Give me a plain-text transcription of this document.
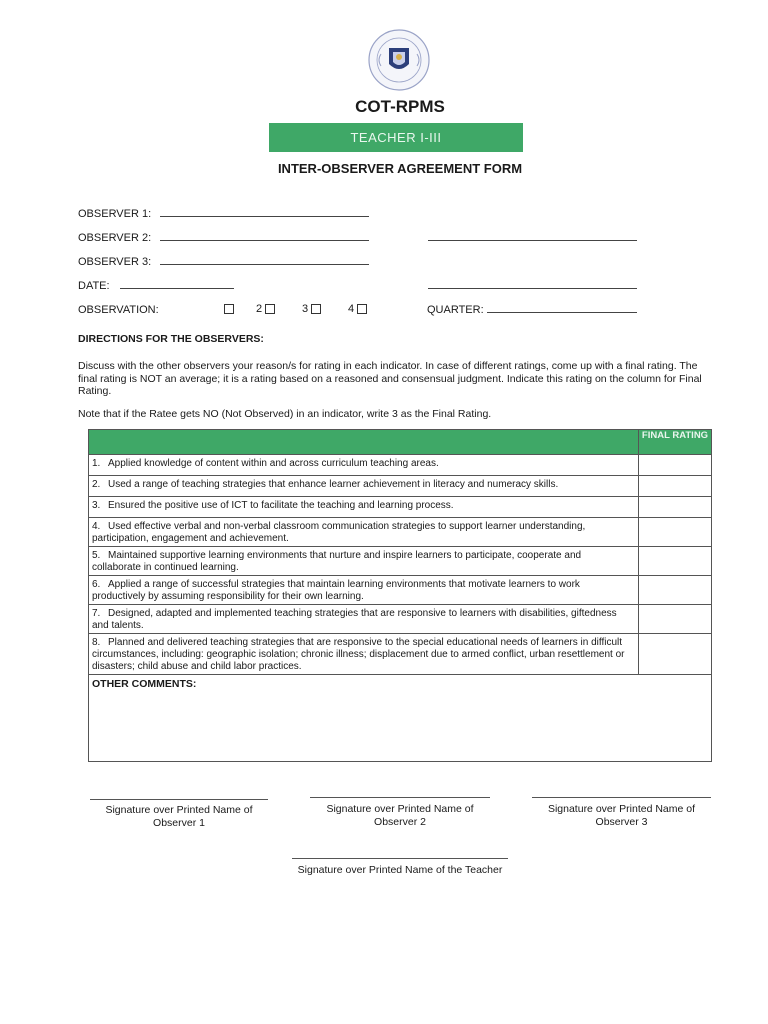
COT-RPMS
TEACHER I-III
INTER-OBSERVER AGREEMENT FORM
OBSERVER 1:
OBSERVER 2:
OBSERVER 3:
DATE:
OBSERVATION:	2	3	4	QUARTER:
DIRECTIONS FOR THE OBSERVERS:
Discuss with the other observers your reason/s for rating in each indicator. In case of different ratings, come up with a final rating. The final rating is NOT an average; it is a rating based on a reasoned and consensual judgment. Indicate this rating on the column for Final Rating.
Note that if the Ratee gets NO (Not Observed) in an indicator, write 3 as the Final Rating.
	FINAL RATING
1. Applied knowledge of content within and across curriculum teaching areas.	
2. Used a range of teaching strategies that enhance learner achievement in literacy and numeracy skills.	
3. Ensured the positive use of ICT to facilitate the teaching and learning process.	
4. Used effective verbal and non-verbal classroom communication strategies to support learner understanding, participation, engagement and achievement.	
5. Maintained supportive learning environments that nurture and inspire learners to participate, cooperate and collaborate in continued learning.	
6. Applied a range of successful strategies that maintain learning environments that motivate learners to work productively by assuming responsibility for their own learning.	
7. Designed, adapted and implemented teaching strategies that are responsive to learners with disabilities, giftedness and talents.	
8. Planned and delivered teaching strategies that are responsive to the special educational needs of learners in difficult circumstances, including: geographic isolation; chronic illness; displacement due to armed conflict, urban resettlement or disasters; child abuse and child labor practices.	
OTHER COMMENTS:	
Signature over Printed Name of Observer 1
Signature over Printed Name of Observer 2
Signature over Printed Name of Observer 3
Signature over Printed Name of the Teacher
